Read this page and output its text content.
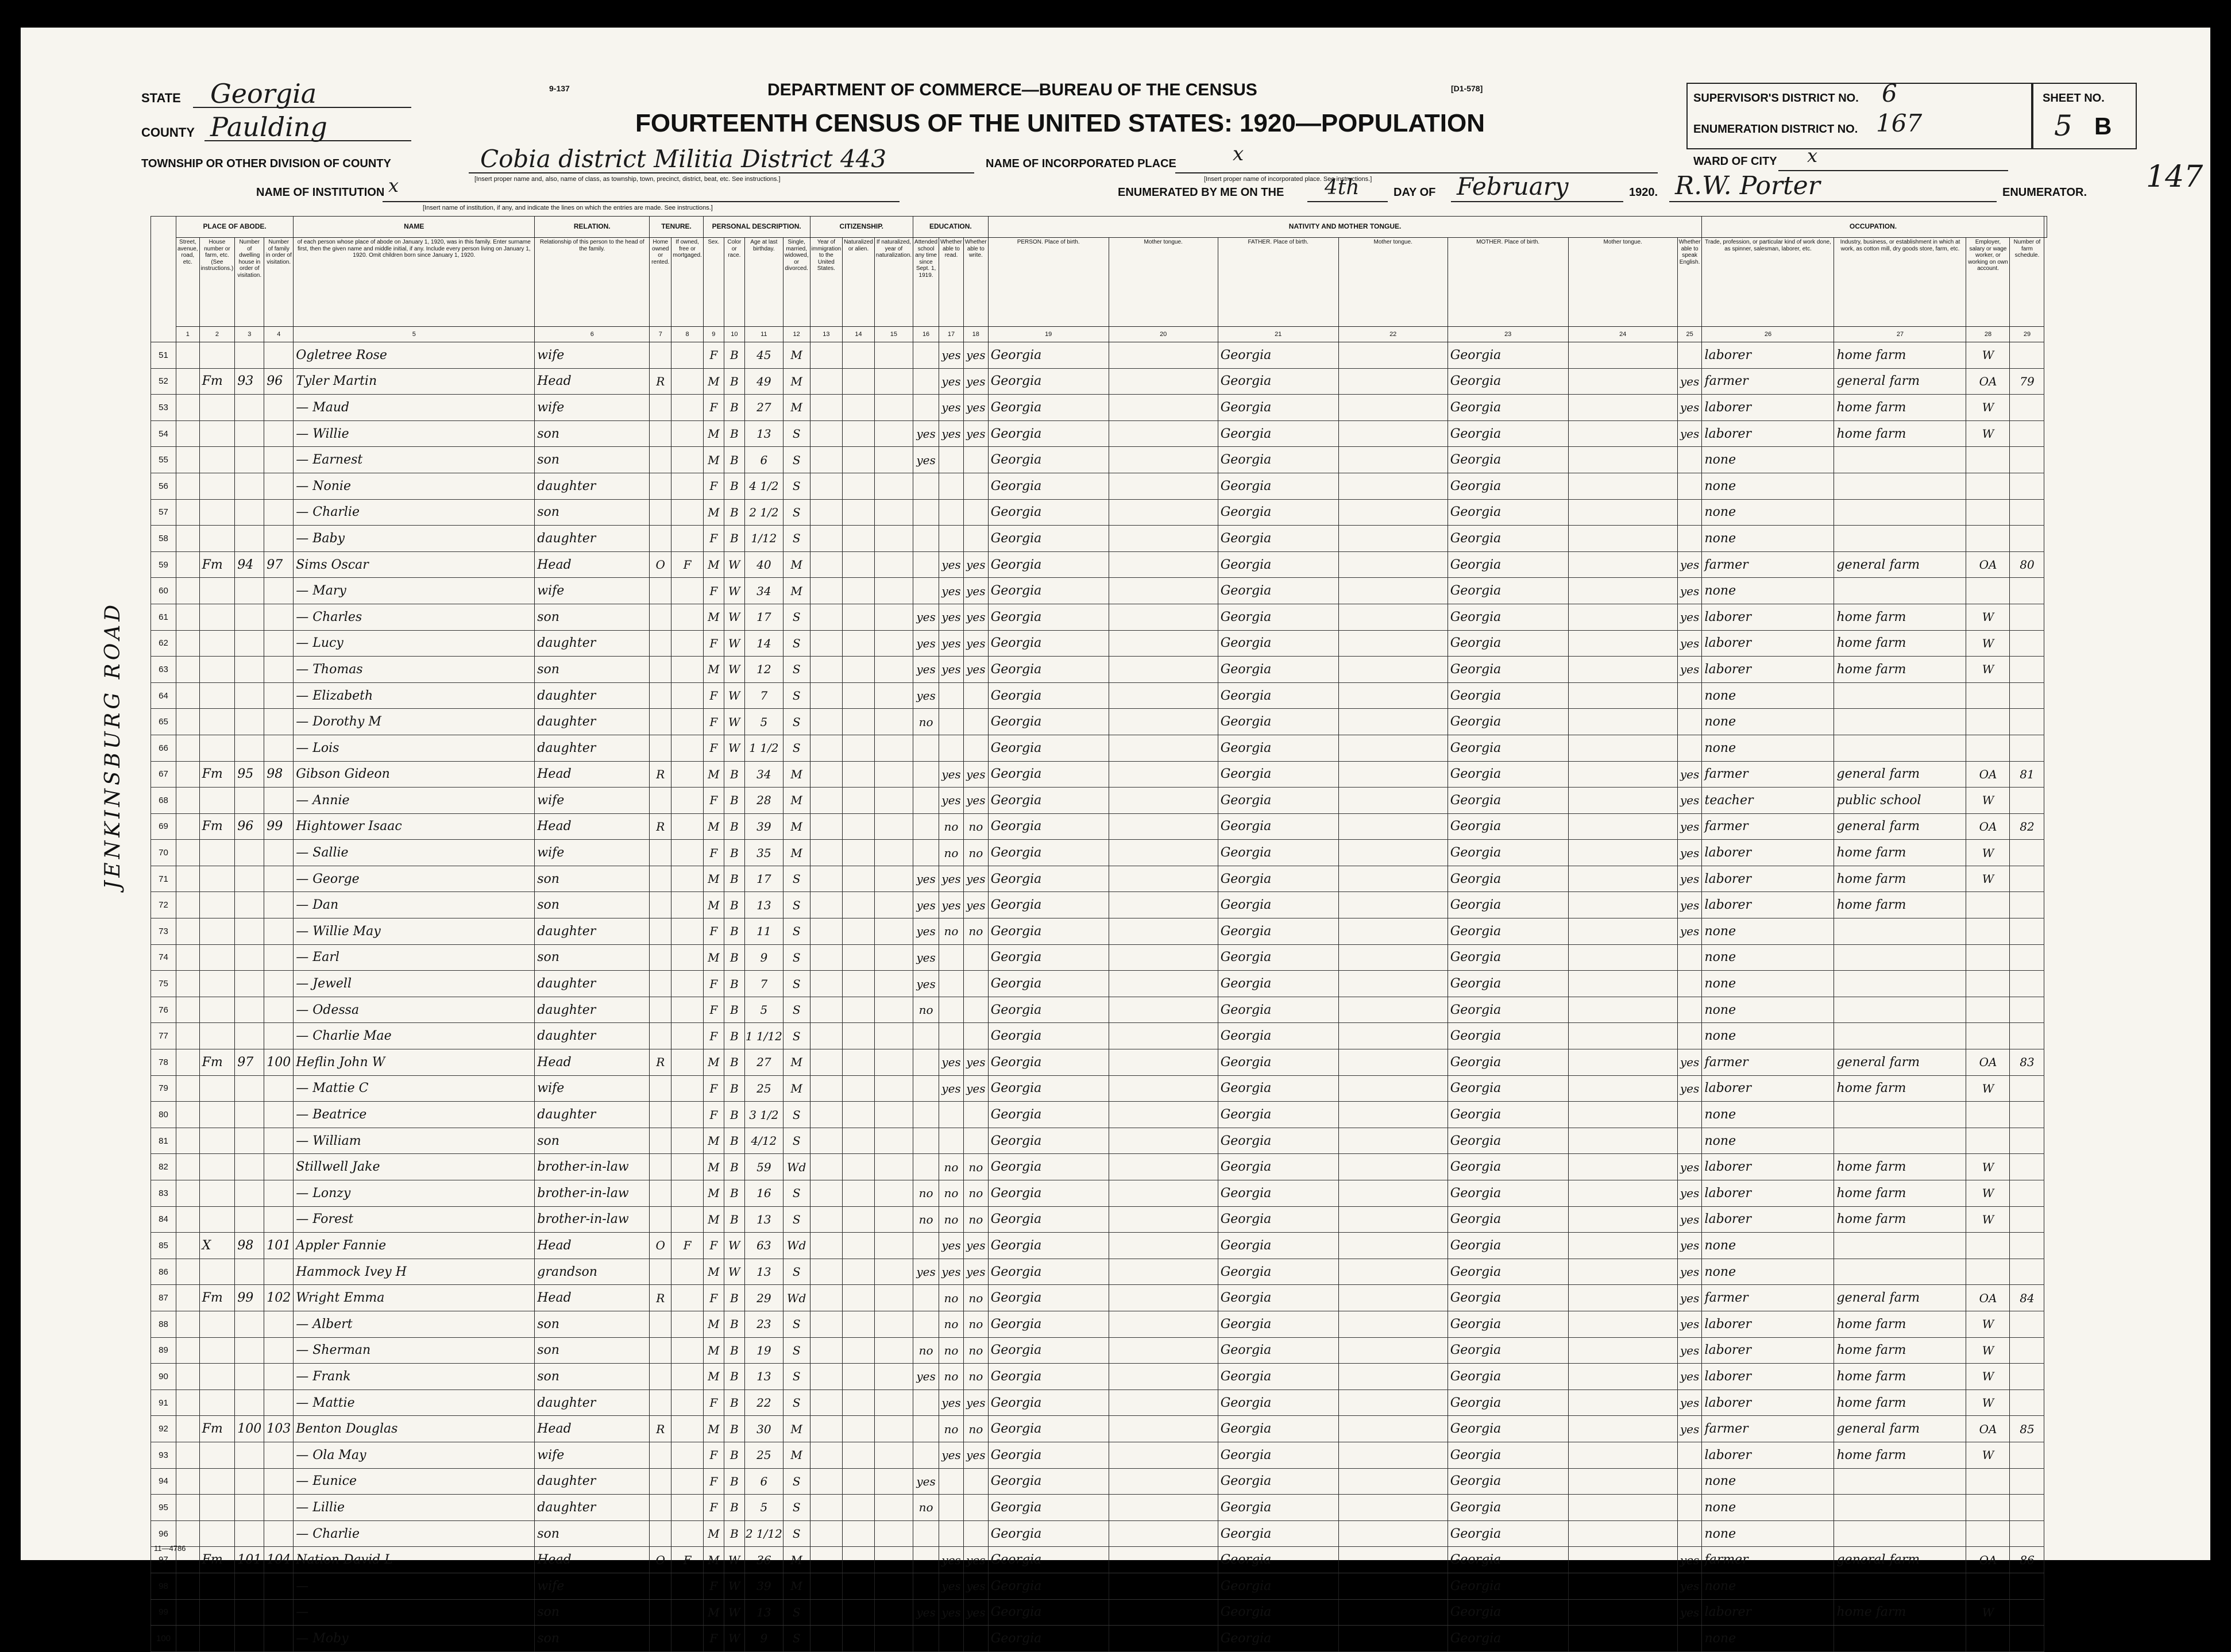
9-137	DEPARTMENT OF COMMERCE—BUREAU OF THE CENSUS	[D1-578]
FOURTEENTH CENSUS OF THE UNITED STATES: 1920—POPULATION
STATE Georgia
COUNTY Paulding
TOWNSHIP OR OTHER DIVISION OF COUNTY	Cobia district Militia District 443
[Insert proper name and, also, name of class, as township, town, precinct, district, beat, etc. See instructions.]
NAME OF INCORPORATED PLACE	x
[Insert proper name of incorporated place. See instructions.]
NAME OF INSTITUTION x
[Insert name of institution, if any, and indicate the lines on which the entries are made. See instructions.]
SUPERVISOR'S DISTRICT NO. 6
ENUMERATION DISTRICT NO. 167
SHEET NO.
5 B
WARD OF CITY x
ENUMERATED BY ME ON THE 4th	DAY OF February	1920. R.W. Porter	ENUMERATOR. 147
JENKINSBURG ROAD
	PLACE OF ABODE.				NAME	RELATION.	TENURE.		PERSONAL DESCRIPTION.				CITIZENSHIP.			EDUCATION.			NATIVITY AND MOTHER TONGUE.							OCCUPATION.				
	Street, avenue, road, etc.	House number or farm, etc. (See instructions.)	Number of dwelling house in order of visitation.	Number of family in order of visitation.	of each person whose place of abode on January 1, 1920, was in this family. Enter surname first, then the given name and middle initial, if any. Include every person living on January 1, 1920. Omit children born since January 1, 1920.	Relationship of this person to the head of the family.	Home owned or rented.	If owned, free or mortgaged.	Sex.	Color or race.	Age at last birthday.	Single, married, widowed, or divorced.	Year of immigration to the United States.	Naturalized or alien.	If naturalized, year of naturalization.	Attended school any time since Sept. 1, 1919.	Whether able to read.	Whether able to write.	PERSON. Place of birth.	Mother tongue.	FATHER. Place of birth.	Mother tongue.	MOTHER. Place of birth.	Mother tongue.	Whether able to speak English.	Trade, profession, or particular kind of work done, as spinner, salesman, laborer, etc.	Industry, business, or establishment in which at work, as cotton mill, dry goods store, farm, etc.	Employer, salary or wage worker, or working on own account.	Number of farm schedule.	
	1	2	3	4	5	6	7	8	9	10	11	12	13	14	15	16	17	18	19	20	21	22	23	24	25	26	27	28	29	
51					Ogletree Rose	wife			F	B	45	M					yes	yes	Georgia		Georgia		Georgia			laborer	home farm	W		
52		Fm	93	96	Tyler Martin	Head	R		M	B	49	M					yes	yes	Georgia		Georgia		Georgia		yes	farmer	general farm	OA	79	
53					— Maud	wife			F	B	27	M					yes	yes	Georgia		Georgia		Georgia		yes	laborer	home farm	W		
54					— Willie	son			M	B	13	S				yes	yes	yes	Georgia		Georgia		Georgia		yes	laborer	home farm	W		
55					— Earnest	son			M	B	6	S				yes			Georgia		Georgia		Georgia			none				
56					— Nonie	daughter			F	B	4 1/2	S							Georgia		Georgia		Georgia			none				
57					— Charlie	son			M	B	2 1/2	S							Georgia		Georgia		Georgia			none				
58					— Baby	daughter			F	B	1/12	S							Georgia		Georgia		Georgia			none				
59		Fm	94	97	Sims Oscar	Head	O	F	M	W	40	M					yes	yes	Georgia		Georgia		Georgia		yes	farmer	general farm	OA	80	
60					— Mary	wife			F	W	34	M					yes	yes	Georgia		Georgia		Georgia		yes	none				
61					— Charles	son			M	W	17	S				yes	yes	yes	Georgia		Georgia		Georgia		yes	laborer	home farm	W		
62					— Lucy	daughter			F	W	14	S				yes	yes	yes	Georgia		Georgia		Georgia		yes	laborer	home farm	W		
63					— Thomas	son			M	W	12	S				yes	yes	yes	Georgia		Georgia		Georgia		yes	laborer	home farm	W		
64					— Elizabeth	daughter			F	W	7	S				yes			Georgia		Georgia		Georgia			none				
65					— Dorothy M	daughter			F	W	5	S				no			Georgia		Georgia		Georgia			none				
66					— Lois	daughter			F	W	1 1/2	S							Georgia		Georgia		Georgia			none				
67		Fm	95	98	Gibson Gideon	Head	R		M	B	34	M					yes	yes	Georgia		Georgia		Georgia		yes	farmer	general farm	OA	81	
68					— Annie	wife			F	B	28	M					yes	yes	Georgia		Georgia		Georgia		yes	teacher	public school	W		
69		Fm	96	99	Hightower Isaac	Head	R		M	B	39	M					no	no	Georgia		Georgia		Georgia		yes	farmer	general farm	OA	82	
70					— Sallie	wife			F	B	35	M					no	no	Georgia		Georgia		Georgia		yes	laborer	home farm	W		
71					— George	son			M	B	17	S				yes	yes	yes	Georgia		Georgia		Georgia		yes	laborer	home farm	W		
72					— Dan	son			M	B	13	S				yes	yes	yes	Georgia		Georgia		Georgia		yes	laborer	home farm			
73					— Willie May	daughter			F	B	11	S				yes	no	no	Georgia		Georgia		Georgia		yes	none				
74					— Earl	son			M	B	9	S				yes			Georgia		Georgia		Georgia			none				
75					— Jewell	daughter			F	B	7	S				yes			Georgia		Georgia		Georgia			none				
76					— Odessa	daughter			F	B	5	S				no			Georgia		Georgia		Georgia			none				
77					— Charlie Mae	daughter			F	B	1 1/12	S							Georgia		Georgia		Georgia			none				
78		Fm	97	100	Heflin John W	Head	R		M	B	27	M					yes	yes	Georgia		Georgia		Georgia		yes	farmer	general farm	OA	83	
79					— Mattie C	wife			F	B	25	M					yes	yes	Georgia		Georgia		Georgia		yes	laborer	home farm	W		
80					— Beatrice	daughter			F	B	3 1/2	S							Georgia		Georgia		Georgia			none				
81					— William	son			M	B	4/12	S							Georgia		Georgia		Georgia			none				
82					Stillwell Jake	brother-in-law			M	B	59	Wd					no	no	Georgia		Georgia		Georgia		yes	laborer	home farm	W		
83					— Lonzy	brother-in-law			M	B	16	S				no	no	no	Georgia		Georgia		Georgia		yes	laborer	home farm	W		
84					— Forest	brother-in-law			M	B	13	S				no	no	no	Georgia		Georgia		Georgia		yes	laborer	home farm	W		
85		X	98	101	Appler Fannie	Head	O	F	F	W	63	Wd					yes	yes	Georgia		Georgia		Georgia		yes	none				
86					Hammock Ivey H	grandson			M	W	13	S				yes	yes	yes	Georgia		Georgia		Georgia		yes	none				
87		Fm	99	102	Wright Emma	Head	R		F	B	29	Wd					no	no	Georgia		Georgia		Georgia		yes	farmer	general farm	OA	84	
88					— Albert	son			M	B	23	S					no	no	Georgia		Georgia		Georgia		yes	laborer	home farm	W		
89					— Sherman	son			M	B	19	S				no	no	no	Georgia		Georgia		Georgia		yes	laborer	home farm	W		
90					— Frank	son			M	B	13	S				yes	no	no	Georgia		Georgia		Georgia		yes	laborer	home farm	W		
91					— Mattie	daughter			F	B	22	S					yes	yes	Georgia		Georgia		Georgia		yes	laborer	home farm	W		
92		Fm	100	103	Benton Douglas	Head	R		M	B	30	M					no	no	Georgia		Georgia		Georgia		yes	farmer	general farm	OA	85	
93					— Ola May	wife			F	B	25	M					yes	yes	Georgia		Georgia		Georgia			laborer	home farm	W		
94					— Eunice	daughter			F	B	6	S				yes			Georgia		Georgia		Georgia			none				
95					— Lillie	daughter			F	B	5	S				no			Georgia		Georgia		Georgia			none				
96					— Charlie	son			M	B	2 1/12	S							Georgia		Georgia		Georgia			none				
97		Fm	101	104	Nation David L	Head	O	F	M	W	36	M					yes	yes	Georgia		Georgia		Georgia		yes	farmer	general farm	OA	86	
98					—	wife			F	W	39	M					yes	yes	Georgia		Georgia		Georgia		yes	none				
99					—	son			M	W	13	S				yes	yes	yes	Georgia		Georgia		Georgia		yes	laborer	home farm	W		
100					— Moby	son			F	W	9	S							Georgia		Georgia		Georgia			none				
11—4786
